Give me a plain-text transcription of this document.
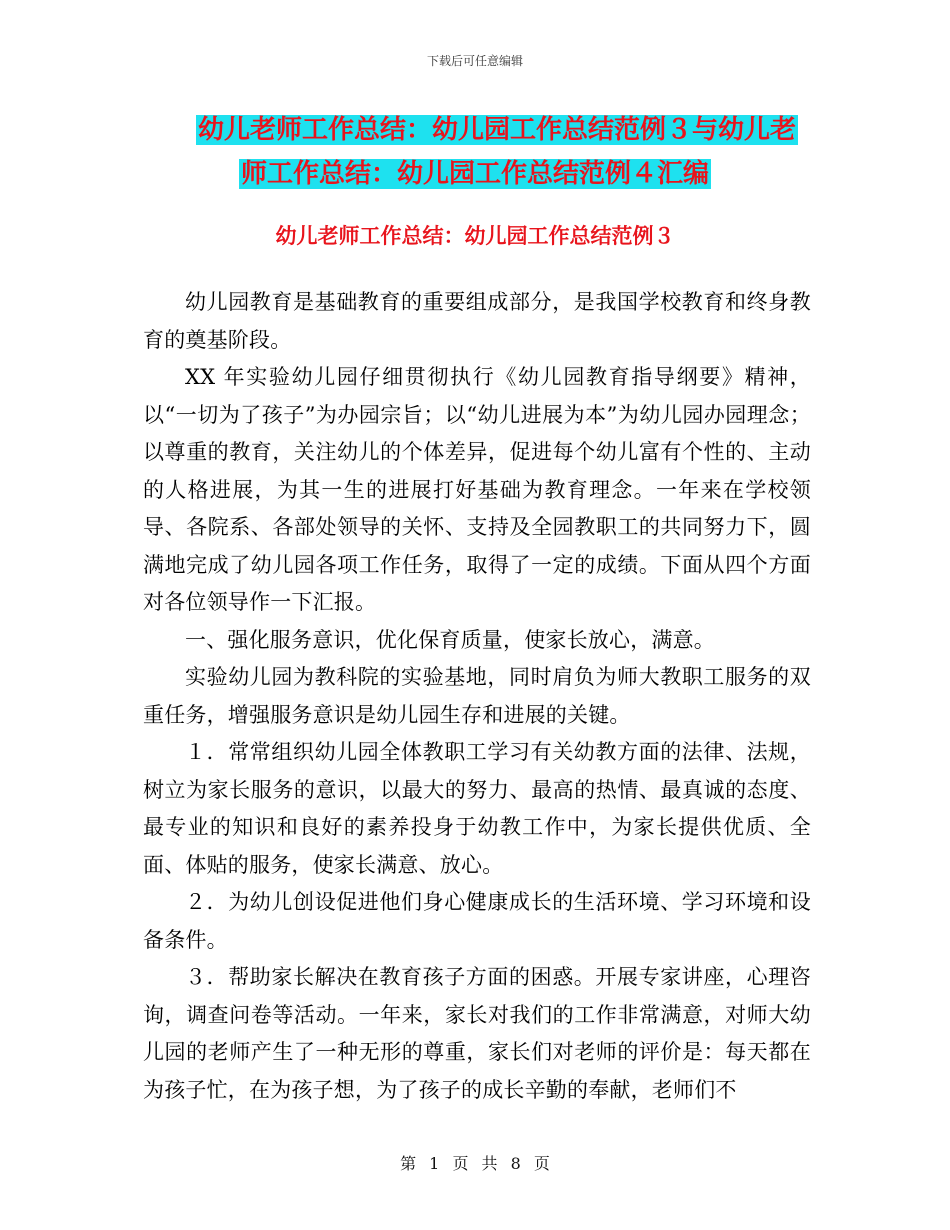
下载后可任意编辑
幼儿老师工作总结：幼儿园工作总结范例３与幼儿老
师工作总结：幼儿园工作总结范例４汇编
幼儿老师工作总结：幼儿园工作总结范例３

幼儿园教育是基础教育的重要组成部分，是我国学校教育和终身教育的奠基阶段。

XX 年实验幼儿园仔细贯彻执行《幼儿园教育指导纲要》精神，以“一切为了孩子”为办园宗旨；以“幼儿进展为本”为幼儿园办园理念；以尊重的教育，关注幼儿的个体差异，促进每个幼儿富有个性的、主动的人格进展，为其一生的进展打好基础为教育理念。一年来在学校领导、各院系、各部处领导的关怀、支持及全园教职工的共同努力下，圆满地完成了幼儿园各项工作任务，取得了一定的成绩。下面从四个方面对各位领导作一下汇报。

一、强化服务意识，优化保育质量，使家长放心，满意。

实验幼儿园为教科院的实验基地，同时肩负为师大教职工服务的双重任务，增强服务意识是幼儿园生存和进展的关键。

１．常常组织幼儿园全体教职工学习有关幼教方面的法律、法规，树立为家长服务的意识，以最大的努力、最高的热情、最真诚的态度、最专业的知识和良好的素养投身于幼教工作中，为家长提供优质、全面、体贴的服务，使家长满意、放心。

２．为幼儿创设促进他们身心健康成长的生活环境、学习环境和设备条件。

３．帮助家长解决在教育孩子方面的困惑。开展专家讲座，心理咨询，调查问卷等活动。一年来，家长对我们的工作非常满意，对师大幼儿园的老师产生了一种无形的尊重，家长们对老师的评价是：每天都在为孩子忙，在为孩子想，为了孩子的成长辛勤的奉献，老师们不

第 1 页 共 8 页
